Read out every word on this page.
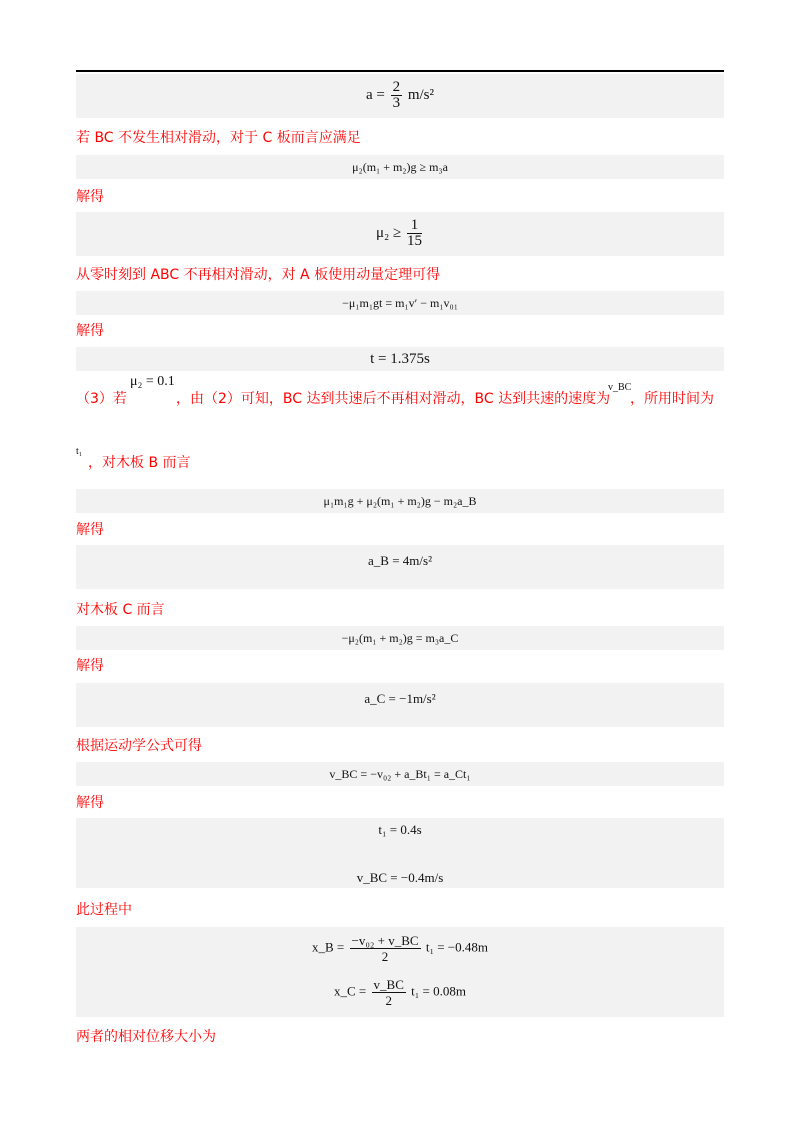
$a = \frac{2}{3} m/s^2$
若 BC 不发生相对滑动，对于 C 板而言应满足
μ₂(m₁ + m₂)g ≥ m₃a
解得
$\mu_2 \ge \frac{1}{15}$
从零时刻到 ABC 不再相对滑动，对 A 板使用动量定理可得
−μ₁m₁gt = m₁v′ − m₁v₀₁
解得
t = 1.375s
（3）若
μ₂ = 0.1
，由（2）可知，BC 达到共速后不再相对滑动，BC 达到共速的速度为
v_BC
，所用时间为
t₁
，对木板 B 而言
μ₁m₁g + μ₂(m₁ + m₂)g − m₂a_B
解得
a_B = 4m/s²
对木板 C 而言
−μ₂(m₁ + m₂)g = m₃a_C
解得
a_C = −1m/s²
根据运动学公式可得
v_BC = −v₀₂ + a_Bt₁ = a_Ct₁
解得
t₁ = 0.4s
v_BC = −0.4m/s
此过程中
x_B = $\frac{\text{−v₀₂ + v\_BC}}{2} t_1 = -0.48m$
x_C = $\frac{v\_BC}{2} t_1 = 0.08m$
两者的相对位移大小为
